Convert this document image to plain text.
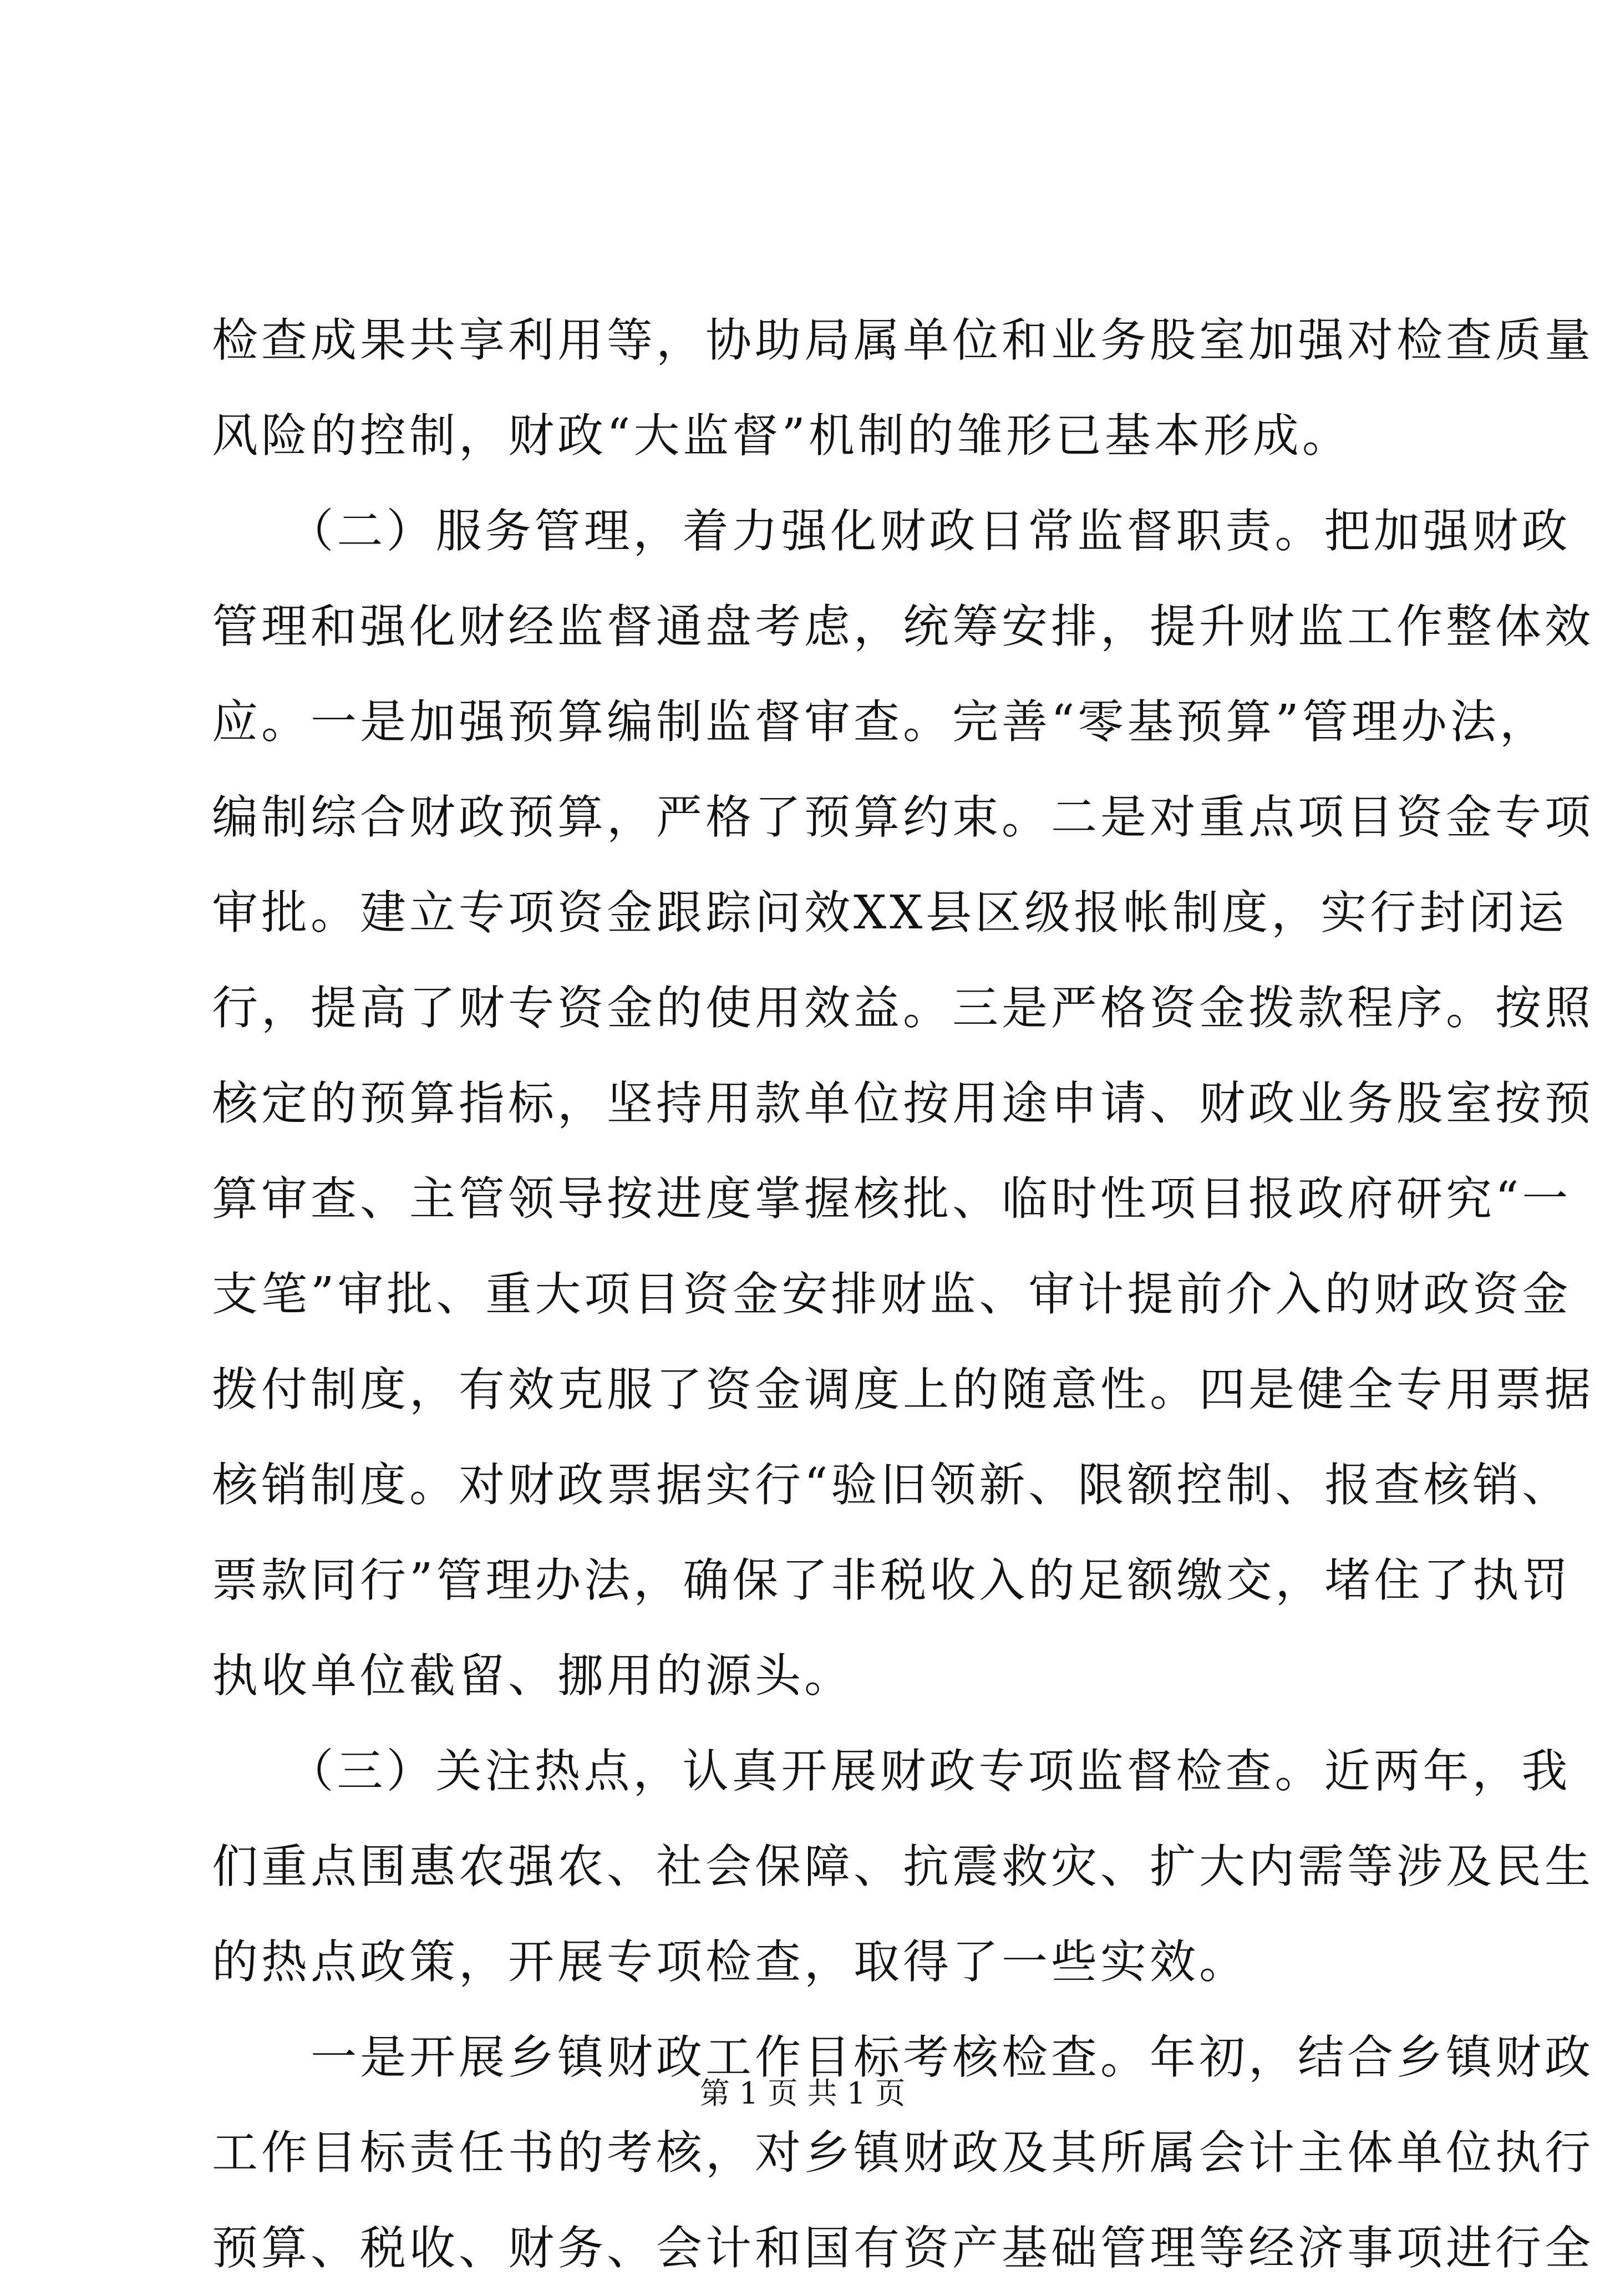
检查成果共享利用等，协助局属单位和业务股室加强对检查质量
风险的控制，财政“大监督”机制的雏形已基本形成。
　　（二）服务管理，着力强化财政日常监督职责。把加强财政
管理和强化财经监督通盘考虑，统筹安排，提升财监工作整体效
应。一是加强预算编制监督审查。完善“零基预算”管理办法，
编制综合财政预算，严格了预算约束。二是对重点项目资金专项
审批。建立专项资金跟踪问效XX县区级报帐制度，实行封闭运
行，提高了财专资金的使用效益。三是严格资金拨款程序。按照
核定的预算指标，坚持用款单位按用途申请、财政业务股室按预
算审查、主管领导按进度掌握核批、临时性项目报政府研究“一
支笔”审批、重大项目资金安排财监、审计提前介入的财政资金
拨付制度，有效克服了资金调度上的随意性。四是健全专用票据
核销制度。对财政票据实行“验旧领新、限额控制、报查核销、
票款同行”管理办法，确保了非税收入的足额缴交，堵住了执罚
执收单位截留、挪用的源头。
　　（三）关注热点，认真开展财政专项监督检查。近两年，我
们重点围惠农强农、社会保障、抗震救灾、扩大内需等涉及民生
的热点政策，开展专项检查，取得了一些实效。
　　一是开展乡镇财政工作目标考核检查。年初，结合乡镇财政
工作目标责任书的考核，对乡镇财政及其所属会计主体单位执行
预算、税收、财务、会计和国有资产基础管理等经济事项进行全
第 1 页 共 1 页
